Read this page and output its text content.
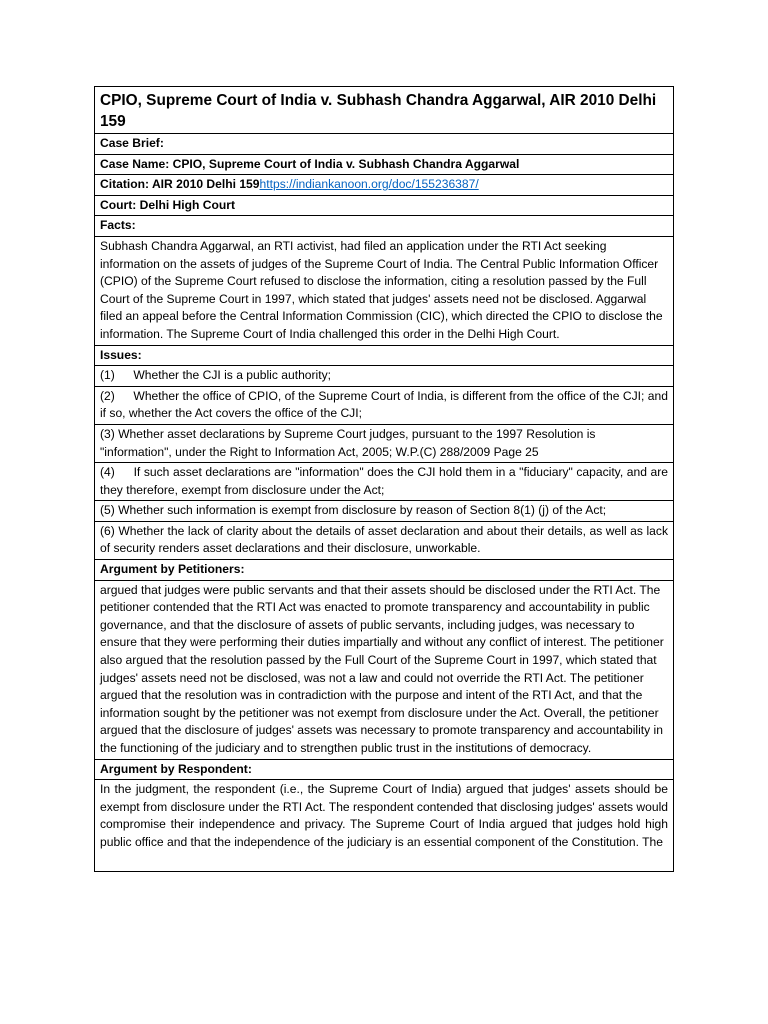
CPIO, Supreme Court of India v. Subhash Chandra Aggarwal, AIR 2010 Delhi 159
Case Brief:
Case Name: CPIO, Supreme Court of India v. Subhash Chandra Aggarwal
Citation: AIR 2010 Delhi 159https://indiankanoon.org/doc/155236387/
Court: Delhi High Court
Facts:
Subhash Chandra Aggarwal, an RTI activist, had filed an application under the RTI Act seeking information on the assets of judges of the Supreme Court of India. The Central Public Information Officer (CPIO) of the Supreme Court refused to disclose the information, citing a resolution passed by the Full Court of the Supreme Court in 1997, which stated that judges' assets need not be disclosed. Aggarwal filed an appeal before the Central Information Commission (CIC), which directed the CPIO to disclose the information. The Supreme Court of India challenged this order in the Delhi High Court.
Issues:
(1) Whether the CJI is a public authority;
(2) Whether the office of CPIO, of the Supreme Court of India, is different from the office of the CJI; and if so, whether the Act covers the office of the CJI;
(3) Whether asset declarations by Supreme Court judges, pursuant to the 1997 Resolution is "information", under the Right to Information Act, 2005; W.P.(C) 288/2009 Page 25
(4) If such asset declarations are "information" does the CJI hold them in a "fiduciary" capacity, and are they therefore, exempt from disclosure under the Act;
(5) Whether such information is exempt from disclosure by reason of Section 8(1) (j) of the Act;
(6) Whether the lack of clarity about the details of asset declaration and about their details, as well as lack of security renders asset declarations and their disclosure, unworkable.
Argument by Petitioners:
argued that judges were public servants and that their assets should be disclosed under the RTI Act. The petitioner contended that the RTI Act was enacted to promote transparency and accountability in public governance, and that the disclosure of assets of public servants, including judges, was necessary to ensure that they were performing their duties impartially and without any conflict of interest. The petitioner also argued that the resolution passed by the Full Court of the Supreme Court in 1997, which stated that judges' assets need not be disclosed, was not a law and could not override the RTI Act. The petitioner argued that the resolution was in contradiction with the purpose and intent of the RTI Act, and that the information sought by the petitioner was not exempt from disclosure under the Act. Overall, the petitioner argued that the disclosure of judges' assets was necessary to promote transparency and accountability in the functioning of the judiciary and to strengthen public trust in the institutions of democracy.
Argument by Respondent:

In the judgment, the respondent (i.e., the Supreme Court of India) argued that judges' assets should be exempt from disclosure under the RTI Act. The respondent contended that disclosing judges' assets would compromise their independence and privacy. The Supreme Court of India argued that judges hold high public office and that the independence of the judiciary is an essential component of the Constitution. The
